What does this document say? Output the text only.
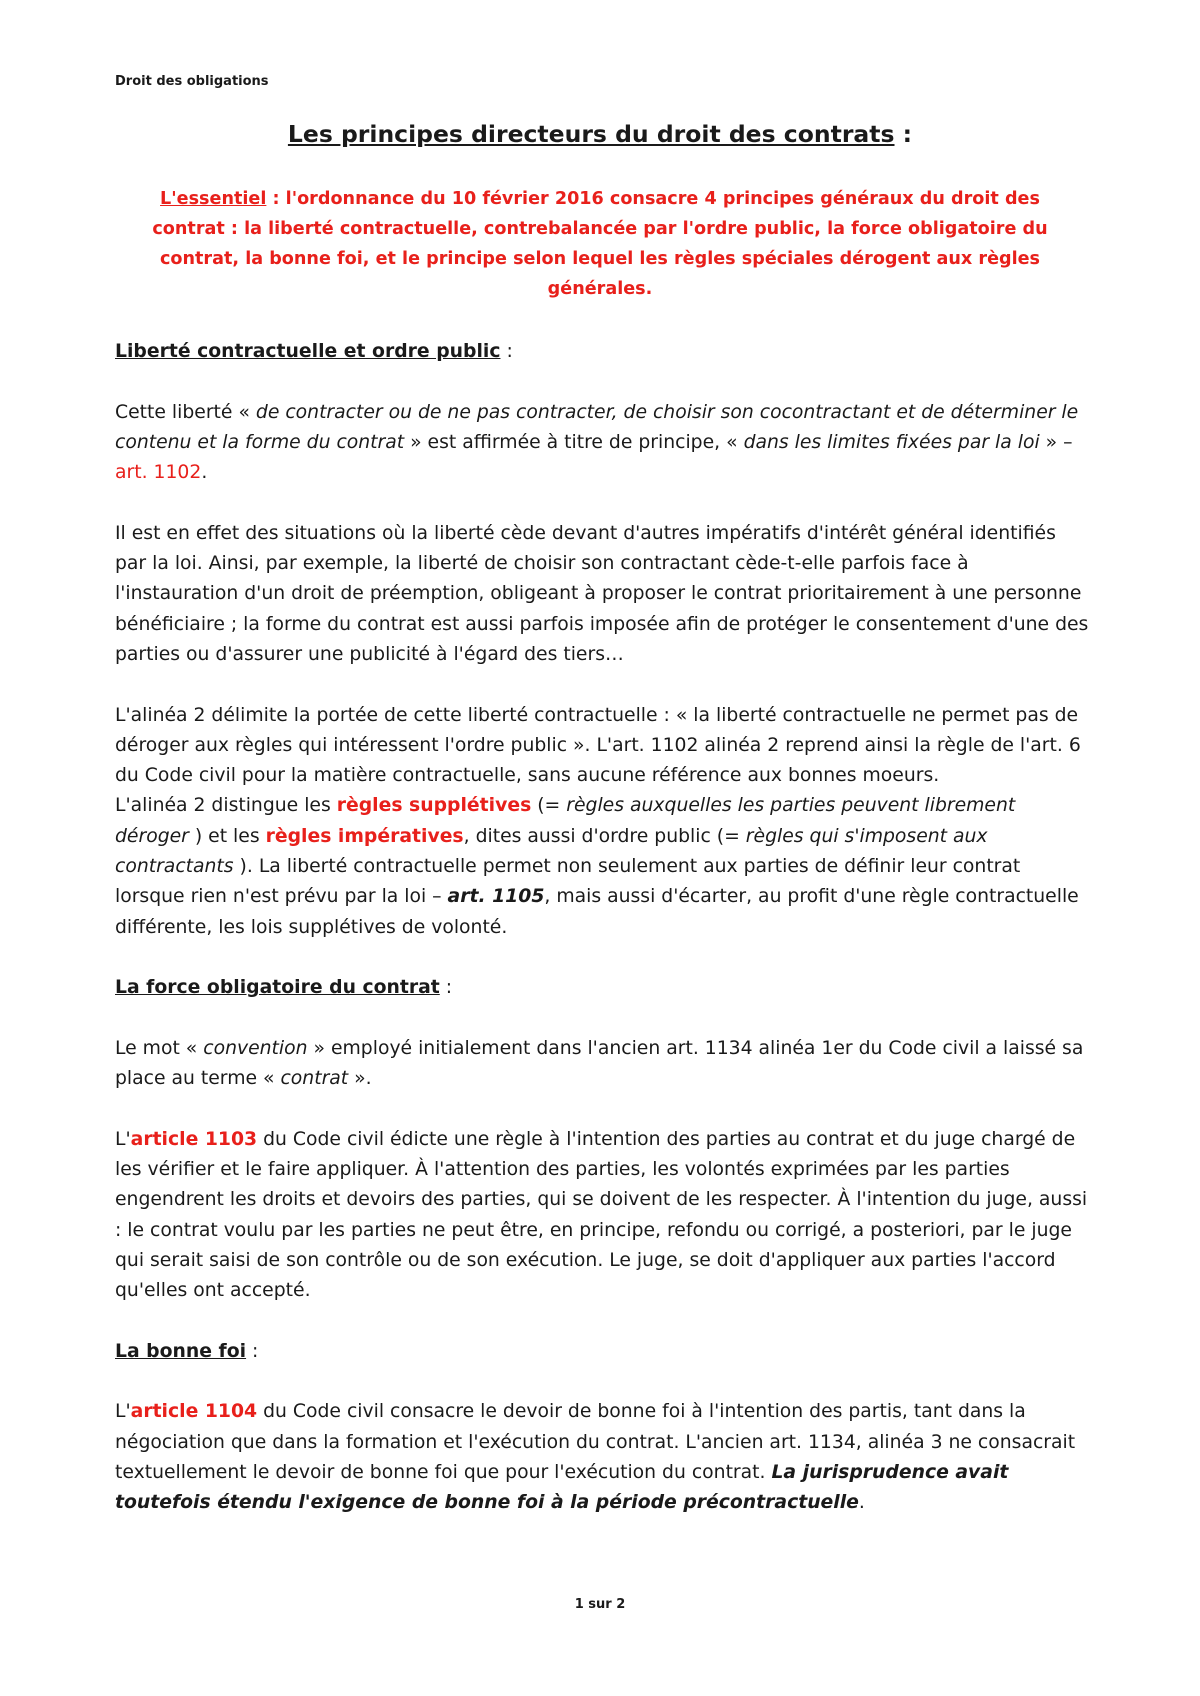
Droit des obligations
Les principes directeurs du droit des contrats :

L'essentiel : l'ordonnance du 10 février 2016 consacre 4 principes généraux du droit des contrat : la liberté contractuelle, contrebalancée par l'ordre public, la force obligatoire du contrat, la bonne foi, et le principe selon lequel les règles spéciales dérogent aux règles générales.

Liberté contractuelle et ordre public :

Cette liberté « de contracter ou de ne pas contracter, de choisir son cocontractant et de déterminer le contenu et la forme du contrat » est affirmée à titre de principe, « dans les limites fixées par la loi » – art. 1102.

Il est en effet des situations où la liberté cède devant d'autres impératifs d'intérêt général identifiés par la loi. Ainsi, par exemple, la liberté de choisir son contractant cède-t-elle parfois face à l'instauration d'un droit de préemption, obligeant à proposer le contrat prioritairement à une personne bénéficiaire ; la forme du contrat est aussi parfois imposée afin de protéger le consentement d'une des parties ou d'assurer une publicité à l'égard des tiers…

L'alinéa 2 délimite la portée de cette liberté contractuelle : « la liberté contractuelle ne permet pas de déroger aux règles qui intéressent l'ordre public ». L'art. 1102 alinéa 2 reprend ainsi la règle de l'art. 6 du Code civil pour la matière contractuelle, sans aucune référence aux bonnes moeurs.

L'alinéa 2 distingue les règles supplétives (= règles auxquelles les parties peuvent librement déroger ) et les règles impératives, dites aussi d'ordre public (= règles qui s'imposent aux contractants ). La liberté contractuelle permet non seulement aux parties de définir leur contrat lorsque rien n'est prévu par la loi – art. 1105, mais aussi d'écarter, au profit d'une règle contractuelle différente, les lois supplétives de volonté.

La force obligatoire du contrat :

Le mot « convention » employé initialement dans l'ancien art. 1134 alinéa 1er du Code civil a laissé sa place au terme « contrat ».

L'article 1103 du Code civil édicte une règle à l'intention des parties au contrat et du juge chargé de les vérifier et le faire appliquer. À l'attention des parties, les volontés exprimées par les parties engendrent les droits et devoirs des parties, qui se doivent de les respecter. À l'intention du juge, aussi : le contrat voulu par les parties ne peut être, en principe, refondu ou corrigé, a posteriori, par le juge qui serait saisi de son contrôle ou de son exécution. Le juge, se doit d'appliquer aux parties l'accord qu'elles ont accepté.

La bonne foi :

L'article 1104 du Code civil consacre le devoir de bonne foi à l'intention des partis, tant dans la négociation que dans la formation et l'exécution du contrat. L'ancien art. 1134, alinéa 3 ne consacrait textuellement le devoir de bonne foi que pour l'exécution du contrat. La jurisprudence avait toutefois étendu l'exigence de bonne foi à la période précontractuelle.

1 sur 2
